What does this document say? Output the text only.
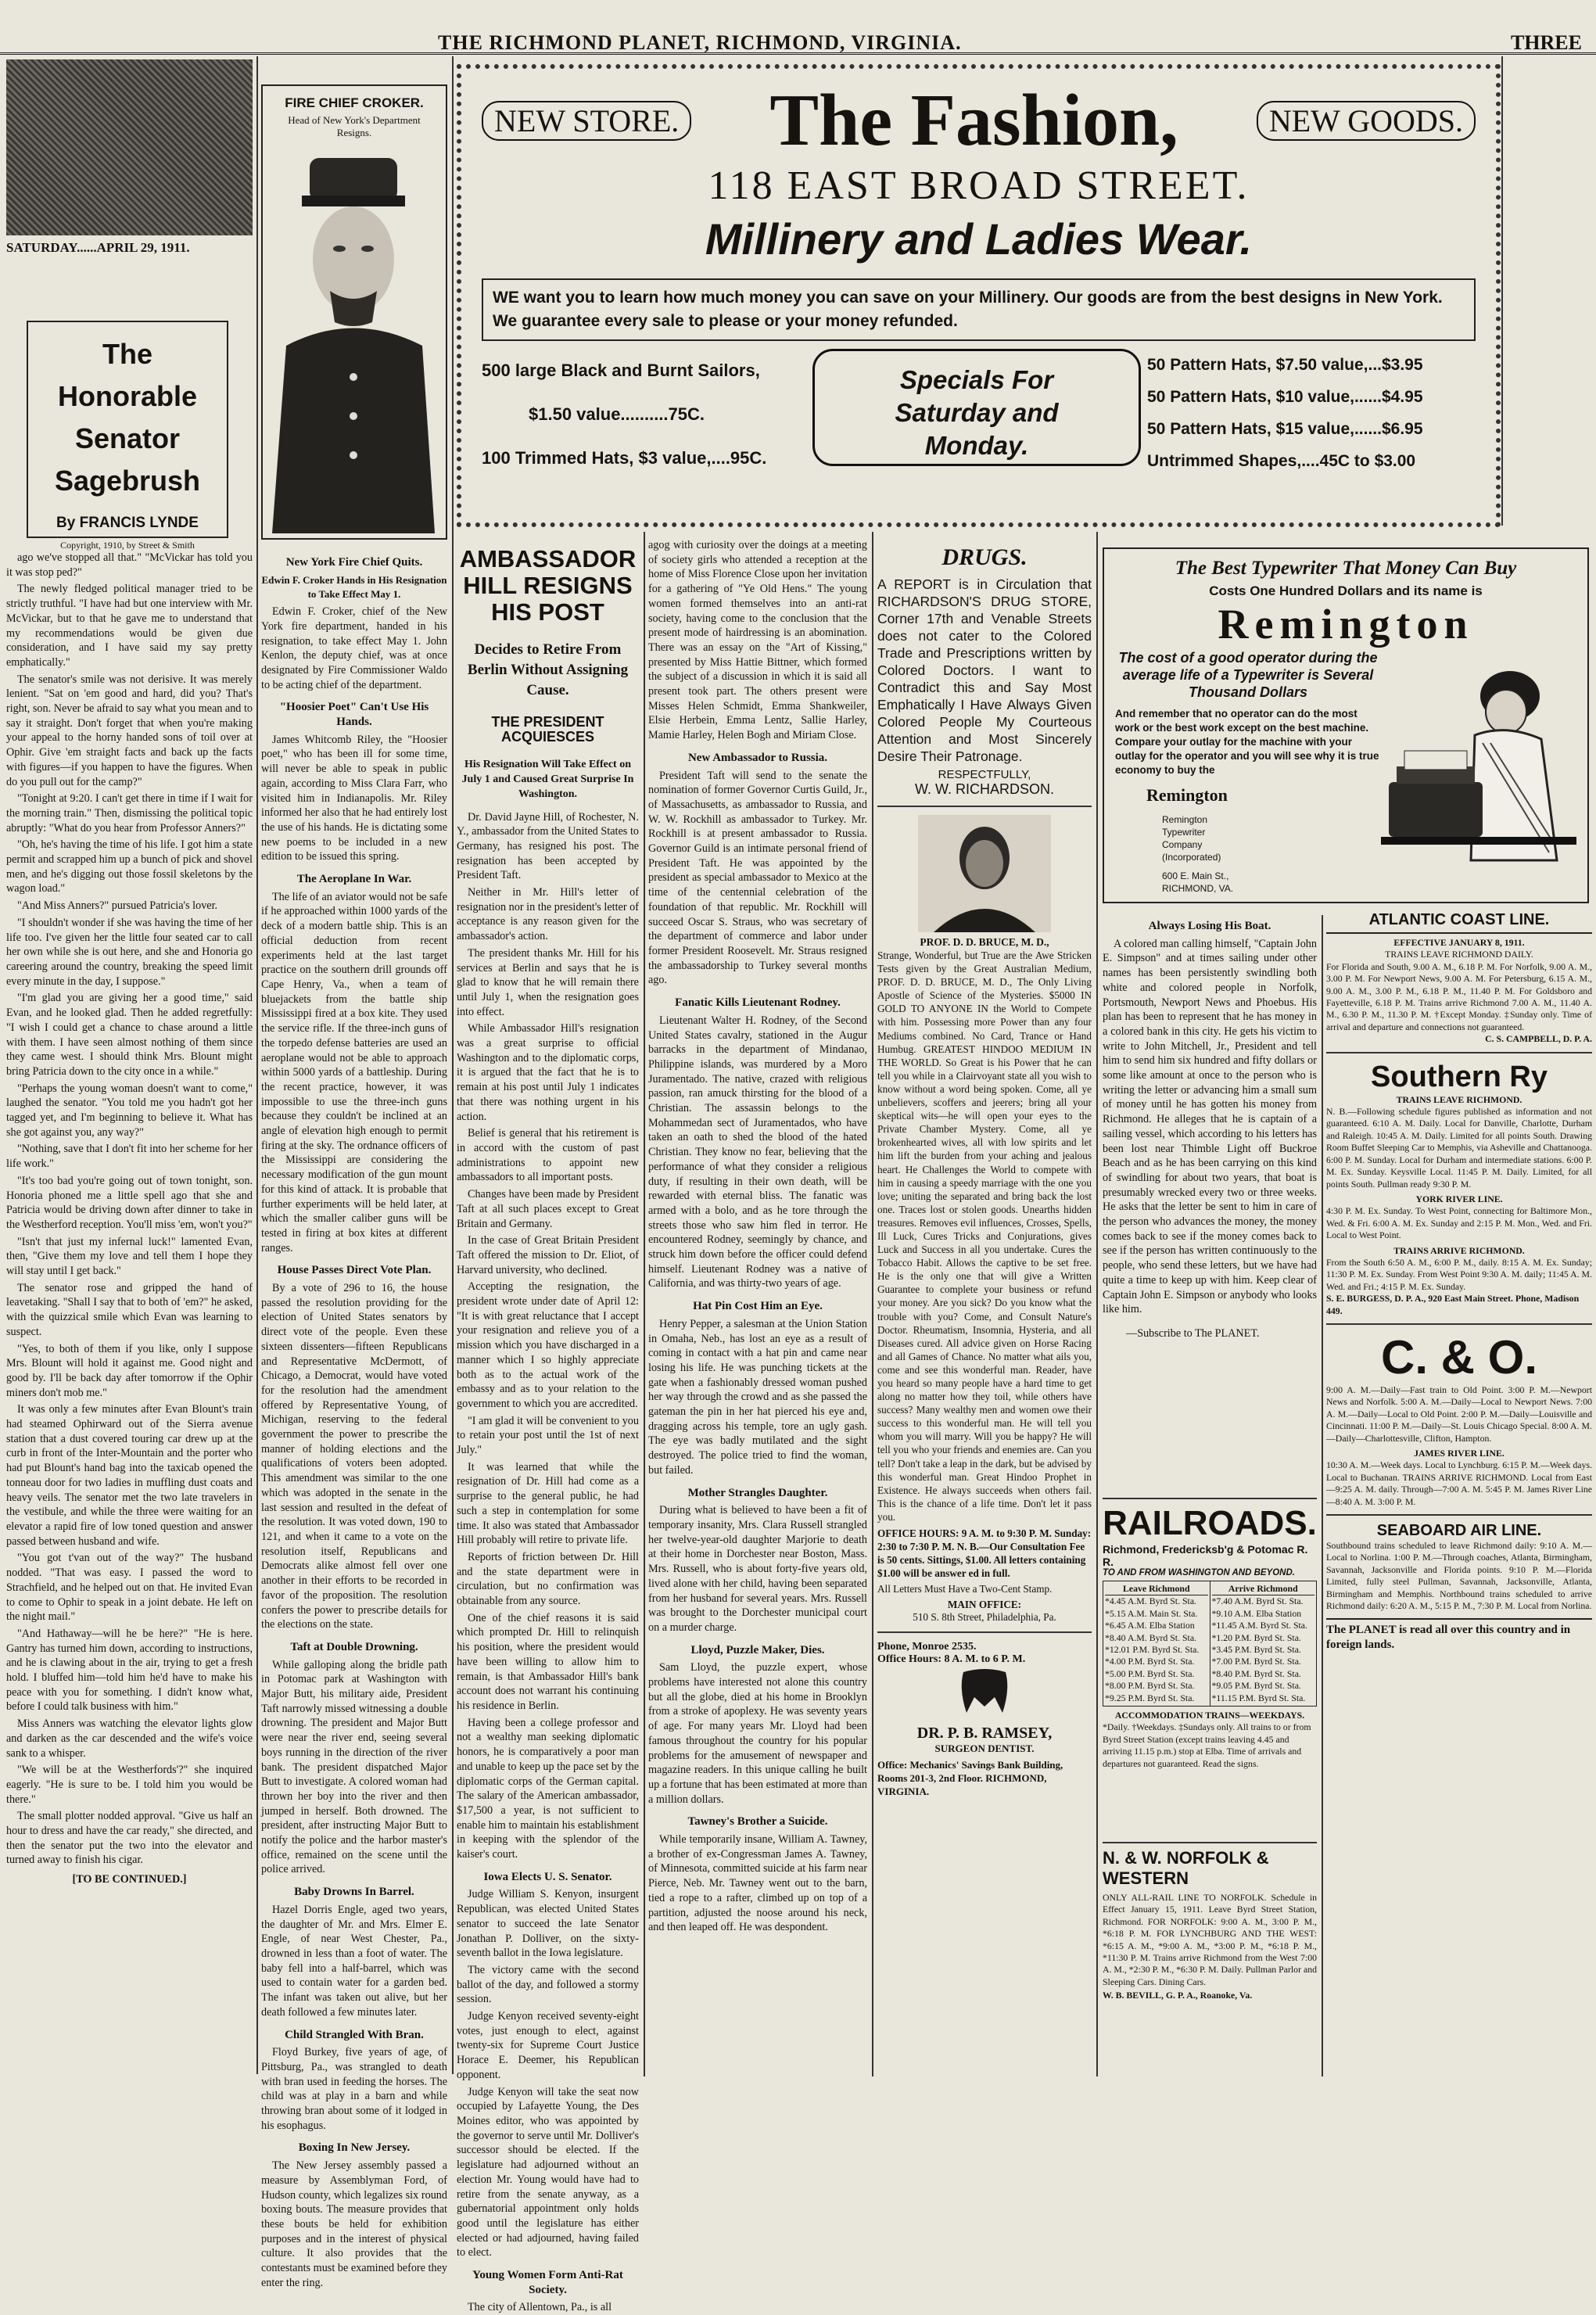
THE RICHMOND PLANET, RICHMOND, VIRGINIA.	THREE
SATURDAY......APRIL 29, 1911.
The Honorable
Senator
Sagebrush
By FRANCIS LYNDE
Copyright, 1910, by Street & Smith

ago we've stopped all that." "McVickar has told you it was stop ped?"

The newly fledged political manager tried to be strictly truthful. "I have had but one interview with Mr. McVickar, but to that he gave me to understand that my recommendations would be given due consideration, and I have said my say pretty emphatically."

The senator's smile was not derisive. It was merely lenient. "Sat on 'em good and hard, did you? That's right, son. Never be afraid to say what you mean and to say it straight. Don't forget that when you're making your appeal to the horny handed sons of toil over at Ophir. Give 'em straight facts and back up the facts with figures—if you happen to have the figures. When do you pull out for the camp?"

"Tonight at 9:20. I can't get there in time if I wait for the morning train." Then, dismissing the political topic abruptly: "What do you hear from Professor Anners?"

"Oh, he's having the time of his life. I got him a state permit and scrapped him up a bunch of pick and shovel men, and he's digging out those fossil skeletons by the wagon load."

"And Miss Anners?" pursued Patricia's lover.

"I shouldn't wonder if she was having the time of her life too. I've given her the little four seated car to call her own while she is out here, and she and Honoria go careering around the country, breaking the speed limit every minute in the day, I suppose."

"I'm glad you are giving her a good time," said Evan, and he looked glad. Then he added regretfully: "I wish I could get a chance to chase around a little with them. I have seen almost nothing of them since they came west. I should think Mrs. Blount might bring Patricia down to the city once in a while."

"Perhaps the young woman doesn't want to come," laughed the senator. "You told me you hadn't got her tagged yet, and I'm beginning to believe it. What has she got against you, any way?"

"Nothing, save that I don't fit into her scheme for her life work."

"It's too bad you're going out of town tonight, son. Honoria phoned me a little spell ago that she and Patricia would be driving down after dinner to take in the Westherford reception. You'll miss 'em, won't you?"

"Isn't that just my infernal luck!" lamented Evan, then, "Give them my love and tell them I hope they will stay until I get back."

The senator rose and gripped the hand of leavetaking. "Shall I say that to both of 'em?" he asked, with the quizzical smile which Evan was learning to suspect.

"Yes, to both of them if you like, only I suppose Mrs. Blount will hold it against me. Good night and good by. I'll be back day after tomorrow if the Ophir miners don't mob me."

It was only a few minutes after Evan Blount's train had steamed Ophirward out of the Sierra avenue station that a dust covered touring car drew up at the curb in front of the Inter-Mountain and the porter who had put Blount's hand bag into the taxicab opened the tonneau door for two ladies in muffling dust coats and heavy veils. The senator met the two late travelers in the vestibule, and while the three were waiting for an elevator a rapid fire of low toned question and answer passed between husband and wife.

"You got t'van out of the way?" The husband nodded. "That was easy. I passed the word to Strachfield, and he helped out on that. He invited Evan to come to Ophir to speak in a joint debate. He left on the night mail."

"And Hathaway—will he be here?" "He is here. Gantry has turned him down, according to instructions, and he is clawing about in the air, trying to get a fresh hold. I bluffed him—told him he'd have to make his peace with you for something. I didn't know what, before I could talk business with him."

Miss Anners was watching the elevator lights glow and darken as the car descended and the wife's voice sank to a whisper.

"We will be at the Westherfords'?" she inquired eagerly. "He is sure to be. I told him you would be there."

The small plotter nodded approval. "Give us half an hour to dress and have the car ready," she directed, and then the senator put the two into the elevator and turned away to finish his cigar.

[TO BE CONTINUED.]
FIRE CHIEF CROKER.
Head of New York's Department Resigns.
New York Fire Chief Quits.

Edwin F. Croker Hands in His Resignation to Take Effect May 1.

Edwin F. Croker, chief of the New York fire department, handed in his resignation, to take effect May 1. John Kenlon, the deputy chief, was at once designated by Fire Commissioner Waldo to be acting chief of the department.

"Hoosier Poet" Can't Use His Hands.

James Whitcomb Riley, the "Hoosier poet," who has been ill for some time, will never be able to speak in public again, according to Miss Clara Farr, who visited him in Indianapolis. Mr. Riley informed her also that he had entirely lost the use of his hands. He is dictating some new poems to be included in a new edition to be issued this spring.

The Aeroplane In War.

The life of an aviator would not be safe if he approached within 1000 yards of the deck of a modern battle ship. This is an official deduction from recent experiments held at the last target practice on the southern drill grounds off Cape Henry, Va., when a team of bluejackets from the battle ship Mississippi fired at a box kite. They used the service rifle. If the three-inch guns of the torpedo defense batteries are used an aeroplane would not be able to approach within 5000 yards of a battleship. During the recent practice, however, it was impossible to use the three-inch guns because they couldn't be inclined at an angle of elevation high enough to permit firing at the sky. The ordnance officers of the Mississippi are considering the necessary modification of the gun mount for this kind of attack. It is probable that further experiments will be held later, at which the smaller caliber guns will be tested in firing at box kites at different ranges.

House Passes Direct Vote Plan.

By a vote of 296 to 16, the house passed the resolution providing for the election of United States senators by direct vote of the people. Even these sixteen dissenters—fifteen Republicans and Representative McDermott, of Chicago, a Democrat, would have voted for the resolution had the amendment offered by Representative Young, of Michigan, reserving to the federal government the power to prescribe the manner of holding elections and the qualifications of voters been adopted. This amendment was similar to the one which was adopted in the senate in the last session and resulted in the defeat of the resolution. It was voted down, 190 to 121, and when it came to a vote on the resolution itself, Republicans and Democrats alike almost fell over one another in their efforts to be recorded in favor of the proposition. The resolution confers the power to prescribe details for the elections on the state.

Taft at Double Drowning.

While galloping along the bridle path in Potomac park at Washington with Major Butt, his military aide, President Taft narrowly missed witnessing a double drowning. The president and Major Butt were near the river end, seeing several boys running in the direction of the river bank. The president dispatched Major Butt to investigate. A colored woman had thrown her boy into the river and then jumped in herself. Both drowned. The president, after instructing Major Butt to notify the police and the harbor master's office, remained on the scene until the police arrived.

Baby Drowns In Barrel.

Hazel Dorris Engle, aged two years, the daughter of Mr. and Mrs. Elmer E. Engle, of near West Chester, Pa., drowned in less than a foot of water. The baby fell into a half-barrel, which was used to contain water for a garden bed. The infant was taken out alive, but her death followed a few minutes later.

Child Strangled With Bran.

Floyd Burkey, five years of age, of Pittsburg, Pa., was strangled to death with bran used in feeding the horses. The child was at play in a barn and while throwing bran about some of it lodged in his esophagus.

Boxing In New Jersey.

The New Jersey assembly passed a measure by Assemblyman Ford, of Hudson county, which legalizes six round boxing bouts. The measure provides that these bouts be held for exhibition purposes and in the interest of physical culture. It also provides that the contestants must be examined before they enter the ring.

NEW STORE. The Fashion,	NEW GOODS.
118 EAST BROAD STREET.
Millinery and Ladies Wear.
WE want you to learn how much money you can save on your Millinery. Our goods are from the best designs in New York. We guarantee every sale to please or your money refunded.
500 large Black and Burnt Sailors,
$1.50 value..........75C.
100 Trimmed Hats, $3 value,....95C.
Specials For
Saturday and
Monday.
50 Pattern Hats, $7.50 value,...$3.95
50 Pattern Hats, $10 value,......$4.95
50 Pattern Hats, $15 value,......$6.95
Untrimmed Shapes,....45C to $3.00
AMBASSADOR HILL RESIGNS HIS POST
Decides to Retire From Berlin Without Assigning Cause.
THE PRESIDENT ACQUIESCES
His Resignation Will Take Effect on July 1 and Caused Great Surprise In Washington.

Dr. David Jayne Hill, of Rochester, N. Y., ambassador from the United States to Germany, has resigned his post. The resignation has been accepted by President Taft.

Neither in Mr. Hill's letter of resignation nor in the president's letter of acceptance is any reason given for the ambassador's action.

The president thanks Mr. Hill for his services at Berlin and says that he is glad to know that he will remain there until July 1, when the resignation goes into effect.

While Ambassador Hill's resignation was a great surprise to official Washington and to the diplomatic corps, it is argued that the fact that he is to remain at his post until July 1 indicates that there was nothing urgent in his action.

Belief is general that his retirement is in accord with the custom of past administrations to appoint new ambassadors to all important posts.

Changes have been made by President Taft at all such places except to Great Britain and Germany.

In the case of Great Britain President Taft offered the mission to Dr. Eliot, of Harvard university, who declined.

Accepting the resignation, the president wrote under date of April 12: "It is with great reluctance that I accept your resignation and relieve you of a mission which you have discharged in a manner which I so highly appreciate both as to the actual work of the embassy and as to your relation to the government to which you are accredited.

"I am glad it will be convenient to you to retain your post until the 1st of next July."

It was learned that while the resignation of Dr. Hill had come as a surprise to the general public, he had such a step in contemplation for some time. It also was stated that Ambassador Hill probably will retire to private life.

Reports of friction between Dr. Hill and the state department were in circulation, but no confirmation was obtainable from any source.

One of the chief reasons it is said which prompted Dr. Hill to relinquish his position, where the president would have been willing to allow him to remain, is that Ambassador Hill's bank account does not warrant his continuing his residence in Berlin.

Having been a college professor and not a wealthy man seeking diplomatic honors, he is comparatively a poor man and unable to keep up the pace set by the diplomatic corps of the German capital. The salary of the American ambassador, $17,500 a year, is not sufficient to enable him to maintain his establishment in keeping with the splendor of the kaiser's court.

Iowa Elects U. S. Senator.

Judge William S. Kenyon, insurgent Republican, was elected United States senator to succeed the late Senator Jonathan P. Dolliver, on the sixty-seventh ballot in the Iowa legislature.

The victory came with the second ballot of the day, and followed a stormy session.

Judge Kenyon received seventy-eight votes, just enough to elect, against twenty-six for Supreme Court Justice Horace E. Deemer, his Republican opponent.

Judge Kenyon will take the seat now occupied by Lafayette Young, the Des Moines editor, who was appointed by the governor to serve until Mr. Dolliver's successor should be elected. If the legislature had adjourned without an election Mr. Young would have had to retire from the senate anyway, as a gubernatorial appointment only holds good until the legislature has either elected or had adjourned, having failed to elect.

Young Women Form Anti-Rat Society.

The city of Allentown, Pa., is all

agog with curiosity over the doings at a meeting of society girls who attended a reception at the home of Miss Florence Close upon her invitation for a gathering of "Ye Old Hens." The young women formed themselves into an anti-rat society, having come to the conclusion that the present mode of hairdressing is an abomination. There was an essay on the "Art of Kissing," presented by Miss Hattie Bittner, which formed the subject of a discussion in which it is said all present took part. The others present were Misses Helen Schmidt, Emma Shankweiler, Elsie Herbein, Emma Lentz, Sallie Harley, Mamie Harley, Helen Bogh and Miriam Close.

New Ambassador to Russia.

President Taft will send to the senate the nomination of former Governor Curtis Guild, Jr., of Massachusetts, as ambassador to Russia, and W. W. Rockhill as ambassador to Turkey. Mr. Rockhill is at present ambassador to Russia. Governor Guild is an intimate personal friend of President Taft. He was appointed by the president as special ambassador to Mexico at the time of the centennial celebration of the foundation of that republic. Mr. Rockhill will succeed Oscar S. Straus, who was secretary of the department of commerce and labor under former President Roosevelt. Mr. Straus resigned the ambassadorship to Turkey several months ago.

Fanatic Kills Lieutenant Rodney.

Lieutenant Walter H. Rodney, of the Second United States cavalry, stationed in the Augur barracks in the department of Mindanao, Philippine islands, was murdered by a Moro Juramentado. The native, crazed with religious passion, ran amuck thirsting for the blood of a Christian. The assassin belongs to the Mohammedan sect of Juramentados, who have taken an oath to shed the blood of the hated Christian. They know no fear, believing that the performance of what they consider a religious duty, if resulting in their own death, will be rewarded with eternal bliss. The fanatic was armed with a bolo, and as he tore through the streets those who saw him fled in terror. He encountered Rodney, seemingly by chance, and struck him down before the officer could defend himself. Lieutenant Rodney was a native of California, and was thirty-two years of age.

Hat Pin Cost Him an Eye.

Henry Pepper, a salesman at the Union Station in Omaha, Neb., has lost an eye as a result of coming in contact with a hat pin and came near losing his life. He was punching tickets at the gate when a fashionably dressed woman pushed her way through the crowd and as she passed the gateman the pin in her hat pierced his eye and, dragging across his temple, tore an ugly gash. The eye was badly mutilated and the sight destroyed. The police tried to find the woman, but failed.

Mother Strangles Daughter.

During what is believed to have been a fit of temporary insanity, Mrs. Clara Russell strangled her twelve-year-old daughter Marjorie to death at their home in Dorchester near Boston, Mass. Mrs. Russell, who is about forty-five years old, lived alone with her child, having been separated from her husband for several years. Mrs. Russell was brought to the Dorchester municipal court on a murder charge.

Lloyd, Puzzle Maker, Dies.

Sam Lloyd, the puzzle expert, whose problems have interested not alone this country but all the globe, died at his home in Brooklyn from a stroke of apoplexy. He was seventy years of age. For many years Mr. Lloyd had been famous throughout the country for his popular problems for the amusement of newspaper and magazine readers. In this unique calling he built up a fortune that has been estimated at more than a million dollars.

Tawney's Brother a Suicide.

While temporarily insane, William A. Tawney, a brother of ex-Congressman James A. Tawney, of Minnesota, committed suicide at his farm near Pierce, Neb. Mr. Tawney went out to the barn, tied a rope to a rafter, climbed up on top of a partition, adjusted the noose around his neck, and then leaped off. He was despondent.

DRUGS.
A REPORT is in Circulation that RICHARDSON'S DRUG STORE, Corner 17th and Venable Streets does not cater to the Colored Trade and Prescriptions written by Colored Doctors. I want to Contradict this and Say Most Emphatically I Have Always Given Colored People My Courteous Attention and Most Sincerely Desire Their Patronage.
RESPECTFULLY,
W. W. RICHARDSON.
PROF. D. D. BRUCE, M. D.,
Strange, Wonderful, but True are the Awe Stricken Tests given by the Great Australian Medium, PROF. D. D. BRUCE, M. D., The Only Living Apostle of Science of the Mysteries. $5000 IN GOLD TO ANYONE IN the World to Compete with him. Possessing more Power than any four Mediums combined. No Card, Trance or Hand Humbug. GREATEST HINDOO MEDIUM IN THE WORLD. So Great is his Power that he can tell you while in a Clairvoyant state all you wish to know without a word being spoken. Come, all ye unbelievers, scoffers and jeerers; bring all your skeptical wits—he will open your eyes to the Private Chamber Mystery. Come, all ye brokenhearted wives, all with low spirits and let him lift the burden from your aching and jealous heart. He Challenges the World to compete with him in causing a speedy marriage with the one you love; uniting the separated and bring back the lost one. Traces lost or stolen goods. Unearths hidden treasures. Removes evil influences, Crosses, Spells, Ill Luck, Cures Tricks and Conjurations, gives Luck and Success in all you undertake. Cures the Tobacco Habit. Allows the captive to be set free. He is the only one that will give a Written Guarantee to complete your business or refund your money. Are you sick? Do you know what the trouble with you? Come, and Consult Nature's Doctor. Rheumatism, Insomnia, Hysteria, and all Diseases cured. All advice given on Horse Racing and all Games of Chance. No matter what ails you, come and see this wonderful man. Reader, have you heard so many people have a hard time to get along no matter how they toil, while others have success? Many wealthy men and women owe their success to this wonderful man. He will tell you whom you will marry. Will you be happy? He will tell you who your friends and enemies are. Can you tell? Don't take a leap in the dark, but be advised by this wonderful man. Great Hindoo Prophet in Existence. He always succeeds when others fail. This is the chance of a life time. Don't let it pass you.
OFFICE HOURS: 9 A. M. to 9:30 P. M. Sunday: 2:30 to 7:30 P. M. N. B.—Our Consultation Fee is 50 cents. Sittings, $1.00. All letters containing $1.00 will be answer ed in full.
All Letters Must Have a Two-Cent Stamp.
MAIN OFFICE:
510 S. 8th Street, Philadelphia, Pa.
Phone, Monroe 2535.
Office Hours: 8 A. M. to 6 P. M.
DR. P. B. RAMSEY,
SURGEON DENTIST.
Office: Mechanics' Savings Bank Building, Rooms 201-3, 2nd Floor. RICHMOND, VIRGINIA.
The Best Typewriter That Money Can Buy
Costs One Hundred Dollars and its name is
Remington
The cost of a good operator during the average life of a Typewriter is Several Thousand Dollars
And remember that no operator can do the most work or the best work except on the best machine. Compare your outlay for the machine with your outlay for the operator and you will see why it is true economy to buy the
Remington
Remington
Typewriter
Company
(Incorporated)
600 E. Main St.,
RICHMOND, VA.
Always Losing His Boat.

A colored man calling himself, "Captain John E. Simpson" and at times sailing under other names has been persistently swindling both white and colored people in Norfolk, Portsmouth, Newport News and Phoebus. His plan has been to represent that he has money in a colored bank in this city. He gets his victim to write to John Mitchell, Jr., President and tell him to send him six hundred and fifty dollars or some like amount at once to the person who is writing the letter or advancing him a small sum of money until he has gotten his money from Richmond. He alleges that he is captain of a sailing vessel, which according to his letters has been lost near Thimble Light off Buckroe Beach and as he has been carrying on this kind of swindling for about two years, that boat is presumably wrecked every two or three weeks. He asks that the letter be sent to him in care of the person who advances the money, the money comes back to see if the money comes back to see if the person has written continuously to the people, who send these letters, but we have had quite a time to keep up with him. Keep clear of Captain John E. Simpson or anybody who looks like him.

—Subscribe to The PLANET.
RAILROADS.
Richmond, Fredericksb'g & Potomac R. R.
TO AND FROM WASHINGTON AND BEYOND.
Leave Richmond
*4.45 A.M. Byrd St. Sta.
*5.15 A.M. Main St. Sta.
*6.45 A.M. Elba Station
*8.40 A.M. Byrd St. Sta.
*12.01 P.M. Byrd St. Sta.
*4.00 P.M. Byrd St. Sta.
*5.00 P.M. Byrd St. Sta.
*8.00 P.M. Byrd St. Sta.
*9.25 P.M. Byrd St. Sta.
Arrive Richmond
*7.40 A.M. Byrd St. Sta.
*9.10 A.M. Elba Station
*11.45 A.M. Byrd St. Sta.
*1.20 P.M. Byrd St. Sta.
*3.45 P.M. Byrd St. Sta.
*7.00 P.M. Byrd St. Sta.
*8.40 P.M. Byrd St. Sta.
*9.05 P.M. Byrd St. Sta.
*11.15 P.M. Byrd St. Sta.
ACCOMMODATION TRAINS—WEEKDAYS.
*Daily. †Weekdays. ‡Sundays only. All trains to or from Byrd Street Station (except trains leaving 4.45 and arriving 11.15 p.m.) stop at Elba. Time of arrivals and departures not guaranteed. Read the signs.
N. & W. NORFOLK & WESTERN
ONLY ALL-RAIL LINE TO NORFOLK. Schedule in Effect January 15, 1911. Leave Byrd Street Station, Richmond. FOR NORFOLK: 9:00 A. M., 3:00 P. M., *6:18 P. M. FOR LYNCHBURG AND THE WEST: *6:15 A. M., *9:00 A. M., *3:00 P. M., *6:18 P. M., *11:30 P. M. Trains arrive Richmond from the West 7:00 A. M., *2:30 P. M., *6:30 P. M. Daily. Pullman Parlor and Sleeping Cars. Dining Cars.
W. B. BEVILL, G. P. A., Roanoke, Va.
ATLANTIC COAST LINE.
EFFECTIVE JANUARY 8, 1911.
TRAINS LEAVE RICHMOND DAILY.
For Florida and South, 9.00 A. M., 6.18 P. M. For Norfolk, 9.00 A. M., 3.00 P. M. For Newport News, 9.00 A. M. For Petersburg, 6.15 A. M., 9.00 A. M., 3.00 P. M., 6.18 P. M., 11.40 P. M. For Goldsboro and Fayetteville, 6.18 P. M. Trains arrive Richmond 7.00 A. M., 11.40 A. M., 6.30 P. M., 11.30 P. M. †Except Monday. ‡Sunday only. Time of arrival and departure and connections not guaranteed.
C. S. CAMPBELL, D. P. A.
Southern Ry
TRAINS LEAVE RICHMOND.
N. B.—Following schedule figures published as information and not guaranteed. 6:10 A. M. Daily. Local for Danville, Charlotte, Durham and Raleigh. 10:45 A. M. Daily. Limited for all points South. Drawing Room Buffet Sleeping Car to Memphis, via Asheville and Chattanooga. 6:00 P. M. Sunday. Local for Durham and intermediate stations. 6:00 P. M. Ex. Sunday. Keysville Local. 11:45 P. M. Daily. Limited, for all points South. Pullman ready 9:30 P. M.
YORK RIVER LINE.
4:30 P. M. Ex. Sunday. To West Point, connecting for Baltimore Mon., Wed. & Fri. 6:00 A. M. Ex. Sunday and 2:15 P. M. Mon., Wed. and Fri. Local to West Point.
TRAINS ARRIVE RICHMOND.
From the South 6:50 A. M., 6:00 P. M., daily. 8:15 A. M. Ex. Sunday; 11:30 P. M. Ex. Sunday. From West Point 9:30 A. M. daily; 11:45 A. M. Wed. and Fri.; 4:15 P. M. Ex. Sunday.
S. E. BURGESS, D. P. A., 920 East Main Street. Phone, Madison 449.
C. & O.
9:00 A. M.—Daily—Fast train to Old Point. 3:00 P. M.—Newport News and Norfolk. 5:00 A. M.—Daily—Local to Newport News. 7:00 A. M.—Daily—Local to Old Point. 2:00 P. M.—Daily—Louisville and Cincinnati. 11:00 P. M.—Daily—St. Louis Chicago Special. 8:00 A. M.—Daily—Charlottesville, Clifton, Hampton.
JAMES RIVER LINE.
10:30 A. M.—Week days. Local to Lynchburg. 6:15 P. M.—Week days. Local to Buchanan. TRAINS ARRIVE RICHMOND. Local from East—9:25 A. M. daily. Through—7:00 A. M. 5:45 P. M. James River Line—8:40 A. M. 3:00 P. M.
SEABOARD AIR LINE.
Southbound trains scheduled to leave Richmond daily: 9:10 A. M.—Local to Norlina. 1:00 P. M.—Through coaches, Atlanta, Birmingham, Savannah, Jacksonville and Florida points. 9:10 P. M.—Florida Limited, fully steel Pullman, Savannah, Jacksonville, Atlanta, Birmingham and Memphis. Northbound trains scheduled to arrive Richmond daily: 6:20 A. M., 5:15 P. M., 7:30 P. M. Local from Norlina.
The PLANET is read all over this country and in foreign lands.
